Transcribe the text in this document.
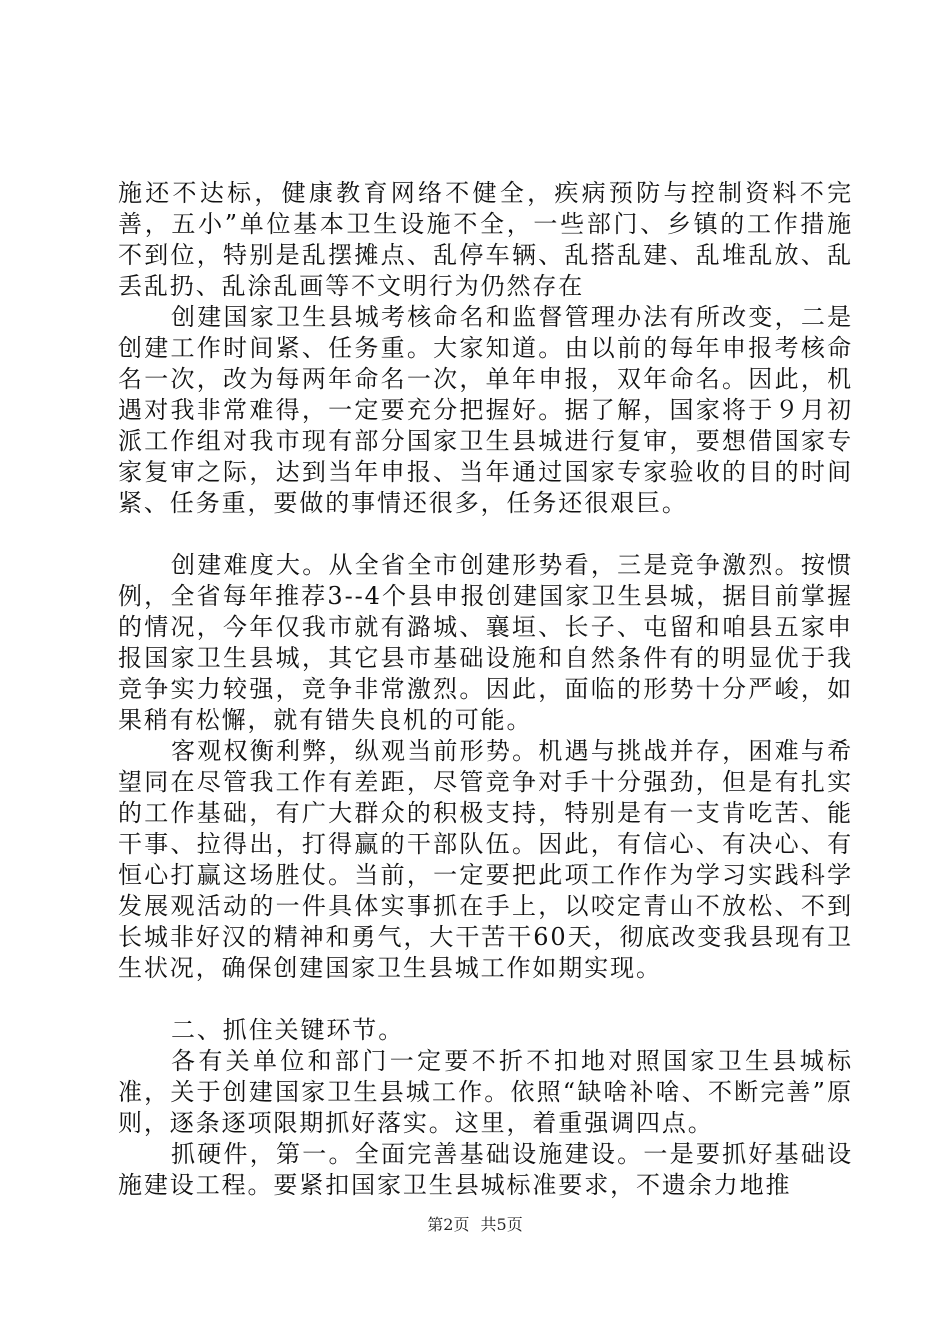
施还不达标，健康教育网络不健全，疾病预防与控制资料不完善，五小”单位基本卫生设施不全，一些部门、乡镇的工作措施不到位，特别是乱摆摊点、乱停车辆、乱搭乱建、乱堆乱放、乱丢乱扔、乱涂乱画等不文明行为仍然存在

创建国家卫生县城考核命名和监督管理办法有所改变，二是创建工作时间紧、任务重。大家知道。由以前的每年申报考核命名一次，改为每两年命名一次，单年申报，双年命名。因此，机遇对我非常难得，一定要充分把握好。据了解，国家将于９月初派工作组对我市现有部分国家卫生县城进行复审，要想借国家专家复审之际，达到当年申报、当年通过国家专家验收的目的时间紧、任务重，要做的事情还很多，任务还很艰巨。

创建难度大。从全省全市创建形势看，三是竞争激烈。按惯例，全省每年推荐3--4个县申报创建国家卫生县城，据目前掌握的情况，今年仅我市就有潞城、襄垣、长子、屯留和咱县五家申报国家卫生县城，其它县市基础设施和自然条件有的明显优于我竞争实力较强，竞争非常激烈。因此，面临的形势十分严峻，如果稍有松懈，就有错失良机的可能。

客观权衡利弊，纵观当前形势。机遇与挑战并存，困难与希望同在尽管我工作有差距，尽管竞争对手十分强劲，但是有扎实的工作基础，有广大群众的积极支持，特别是有一支肯吃苦、能干事、拉得出，打得赢的干部队伍。因此，有信心、有决心、有恒心打赢这场胜仗。当前，一定要把此项工作作为学习实践科学发展观活动的一件具体实事抓在手上，以咬定青山不放松、不到长城非好汉的精神和勇气，大干苦干60天，彻底改变我县现有卫生状况，确保创建国家卫生县城工作如期实现。

二、抓住关键环节。

各有关单位和部门一定要不折不扣地对照国家卫生县城标准，关于创建国家卫生县城工作。依照“缺啥补啥、不断完善”原则，逐条逐项限期抓好落实。这里，着重强调四点。

抓硬件，第一。全面完善基础设施建设。一是要抓好基础设施建设工程。要紧扣国家卫生县城标准要求，不遗余力地推

第2页 共5页
